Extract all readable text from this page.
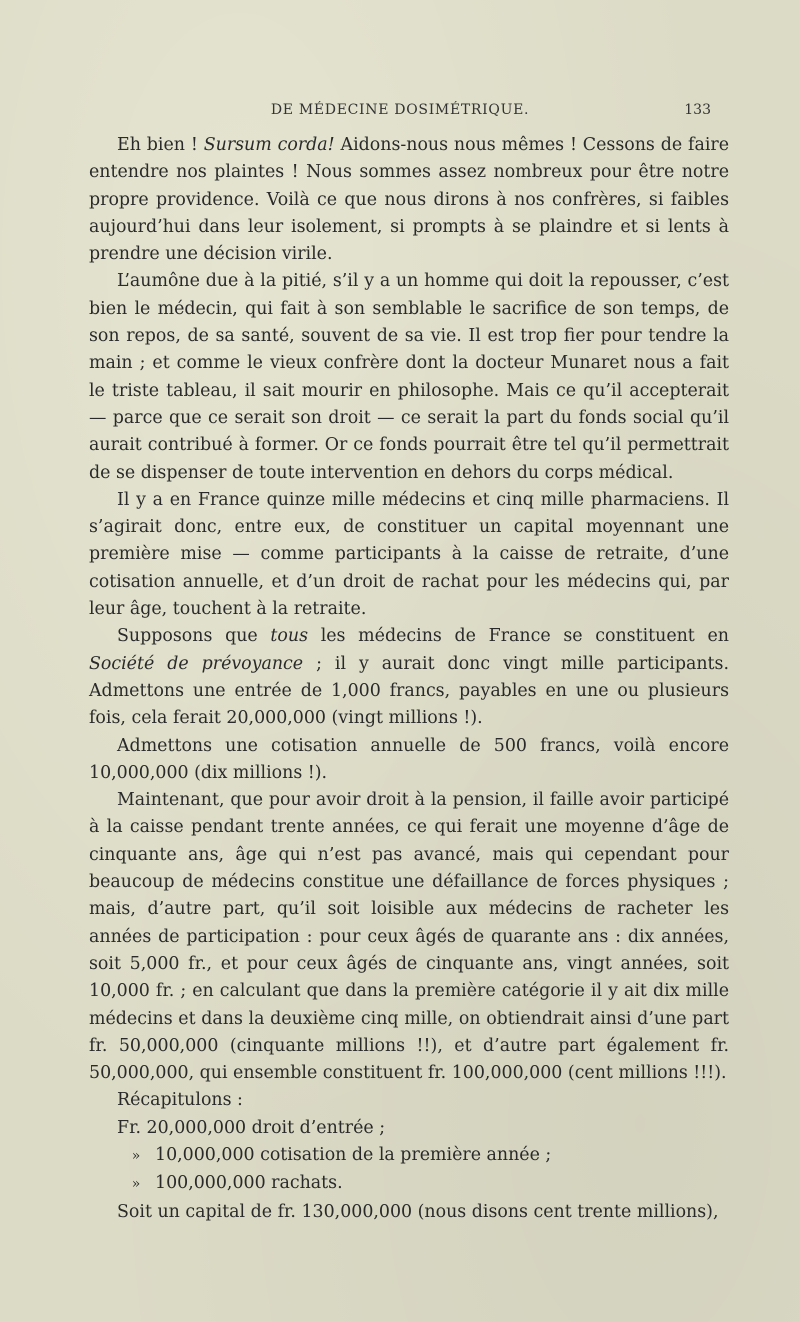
DE MÉDECINE DOSIMÉTRIQUE.	133

Eh bien ! Sursum corda! Aidons-nous nous mêmes ! Cessons de faire entendre nos plaintes ! Nous sommes assez nombreux pour être notre propre providence. Voilà ce que nous dirons à nos confrères, si faibles aujourd’hui dans leur isolement, si prompts à se plaindre et si lents à prendre une décision virile.

L’aumône due à la pitié, s’il y a un homme qui doit la repousser, c’est bien le médecin, qui fait à son semblable le sacrifice de son temps, de son repos, de sa santé, souvent de sa vie. Il est trop fier pour tendre la main ; et comme le vieux confrère dont la docteur Munaret nous a fait le triste tableau, il sait mourir en philosophe. Mais ce qu’il accepterait — parce que ce serait son droit — ce serait la part du fonds social qu’il aurait contribué à former. Or ce fonds pourrait être tel qu’il permettrait de se dispenser de toute intervention en dehors du corps médical.

Il y a en France quinze mille médecins et cinq mille pharmaciens. Il s’agirait donc, entre eux, de constituer un capital moyennant une première mise — comme participants à la caisse de retraite, d’une cotisation annuelle, et d’un droit de rachat pour les médecins qui, par leur âge, touchent à la retraite.

Supposons que tous les médecins de France se constituent en Société de prévoyance ; il y aurait donc vingt mille participants. Admettons une entrée de 1,000 francs, payables en une ou plusieurs fois, cela ferait 20,000,000 (vingt millions !).

Admettons une cotisation annuelle de 500 francs, voilà encore 10,000,000 (dix millions !).

Maintenant, que pour avoir droit à la pension, il faille avoir participé à la caisse pendant trente années, ce qui ferait une moyenne d’âge de cinquante ans, âge qui n’est pas avancé, mais qui cependant pour beaucoup de médecins constitue une défaillance de forces physiques ; mais, d’autre part, qu’il soit loisible aux médecins de racheter les années de participation : pour ceux âgés de quarante ans : dix années, soit 5,000 fr., et pour ceux âgés de cinquante ans, vingt années, soit 10,000 fr. ; en calculant que dans la première catégorie il y ait dix mille médecins et dans la deuxième cinq mille, on obtiendrait ainsi d’une part fr. 50,000,000 (cinquante millions !!), et d’autre part également fr. 50,000,000, qui ensemble constituent fr. 100,000,000 (cent millions !!!).

Récapitulons :

Fr. 20,000,000 droit d’entrée ;

» 10,000,000 cotisation de la première année ;

» 100,000,000 rachats.

Soit un capital de fr. 130,000,000 (nous disons cent trente millions),
